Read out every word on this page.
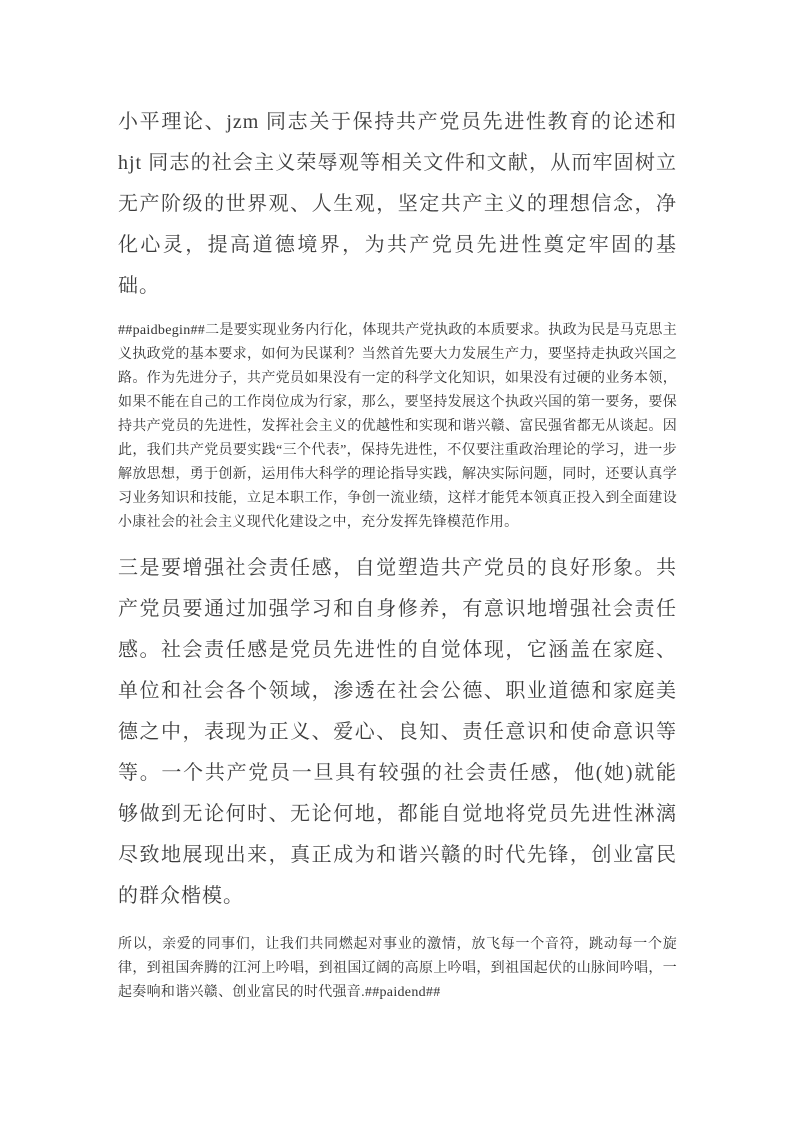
小平理论、jzm 同志关于保持共产党员先进性教育的论述和 hjt 同志的社会主义荣辱观等相关文件和文献，从而牢固树立无产阶级的世界观、人生观，坚定共产主义的理想信念，净化心灵，提高道德境界，为共产党员先进性奠定牢固的基础。

##paidbegin##二是要实现业务内行化，体现共产党执政的本质要求。执政为民是马克思主义执政党的基本要求，如何为民谋利？当然首先要大力发展生产力，要坚持走执政兴国之路。作为先进分子，共产党员如果没有一定的科学文化知识，如果没有过硬的业务本领，如果不能在自己的工作岗位成为行家，那么，要坚持发展这个执政兴国的第一要务，要保持共产党员的先进性，发挥社会主义的优越性和实现和谐兴赣、富民强省都无从谈起。因此，我们共产党员要实践“三个代表”，保持先进性，不仅要注重政治理论的学习，进一步解放思想，勇于创新，运用伟大科学的理论指导实践，解决实际问题，同时，还要认真学习业务知识和技能，立足本职工作，争创一流业绩，这样才能凭本领真正投入到全面建设小康社会的社会主义现代化建设之中，充分发挥先锋模范作用。

三是要增强社会责任感，自觉塑造共产党员的良好形象。共产党员要通过加强学习和自身修养，有意识地增强社会责任感。社会责任感是党员先进性的自觉体现，它涵盖在家庭、单位和社会各个领域，渗透在社会公德、职业道德和家庭美德之中，表现为正义、爱心、良知、责任意识和使命意识等等。一个共产党员一旦具有较强的社会责任感，他(她)就能够做到无论何时、无论何地，都能自觉地将党员先进性淋漓尽致地展现出来，真正成为和谐兴赣的时代先锋，创业富民的群众楷模。

所以，亲爱的同事们，让我们共同燃起对事业的激情，放飞每一个音符，跳动每一个旋律，到祖国奔腾的江河上吟唱，到祖国辽阔的高原上吟唱，到祖国起伏的山脉间吟唱，一起奏响和谐兴赣、创业富民的时代强音.##paidend##
